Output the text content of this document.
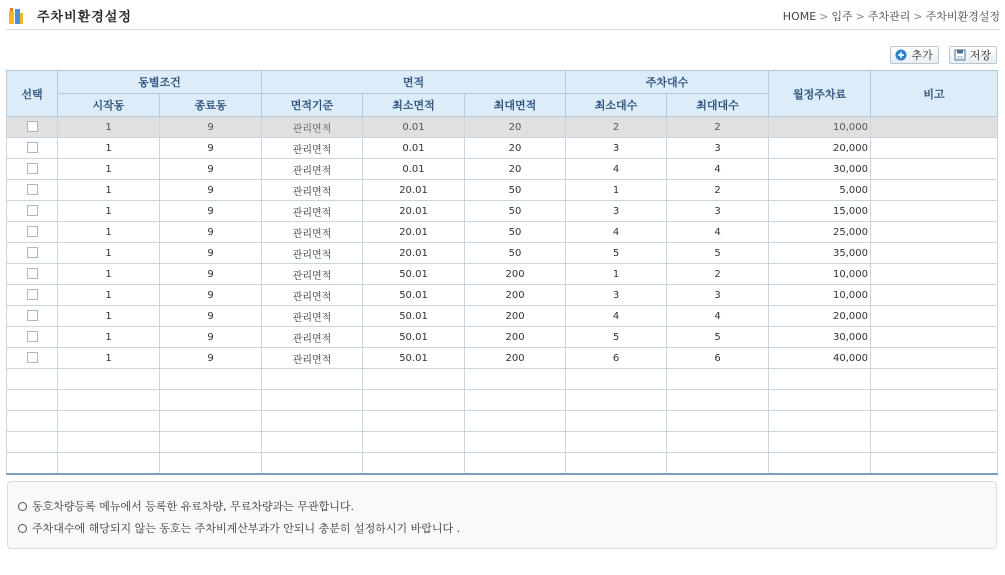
주차비환경설정	HOME > 입주 > 주차관리 > 주차비환경설정
추가	저장
선택	동별조건		면적			주차대수		월정주차료	비고
	시작동	종료동	면적기준	최소면적	최대면적	최소대수	최대대수		
	1	9	관리면적	0.01	20	2	2	10,000	
	1	9	관리면적	0.01	20	3	3	20,000	
	1	9	관리면적	0.01	20	4	4	30,000	
	1	9	관리면적	20.01	50	1	2	5,000	
	1	9	관리면적	20.01	50	3	3	15,000	
	1	9	관리면적	20.01	50	4	4	25,000	
	1	9	관리면적	20.01	50	5	5	35,000	
	1	9	관리면적	50.01	200	1	2	10,000	
	1	9	관리면적	50.01	200	3	3	10,000	
	1	9	관리면적	50.01	200	4	4	20,000	
	1	9	관리면적	50.01	200	5	5	30,000	
	1	9	관리면적	50.01	200	6	6	40,000	

동호차량등록 메뉴에서 등록한 유료차량, 무료차량과는 무관합니다.
주차대수에 해당되지 않는 동호는 주차비계산부과가 안되니 충분히 설정하시기 바랍니다 .
